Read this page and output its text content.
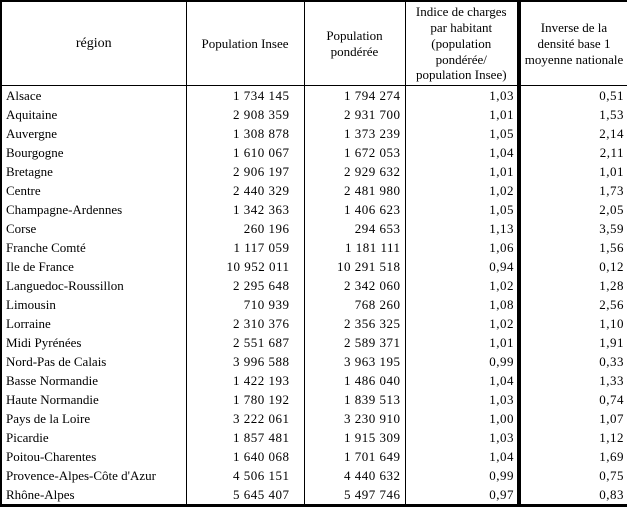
région	Population Insee	Population pondérée	Indice de charges par habitant (population pondérée/ population Insee)	Inverse de la densité base 1 moyenne nationale
Alsace	1 734 145	1 794 274	1,03	0,51
Aquitaine	2 908 359	2 931 700	1,01	1,53
Auvergne	1 308 878	1 373 239	1,05	2,14
Bourgogne	1 610 067	1 672 053	1,04	2,11
Bretagne	2 906 197	2 929 632	1,01	1,01
Centre	2 440 329	2 481 980	1,02	1,73
Champagne-Ardennes	1 342 363	1 406 623	1,05	2,05
Corse	260 196	294 653	1,13	3,59
Franche Comté	1 117 059	1 181 111	1,06	1,56
Ile de France	10 952 011	10 291 518	0,94	0,12
Languedoc-Roussillon	2 295 648	2 342 060	1,02	1,28
Limousin	710 939	768 260	1,08	2,56
Lorraine	2 310 376	2 356 325	1,02	1,10
Midi Pyrénées	2 551 687	2 589 371	1,01	1,91
Nord-Pas de Calais	3 996 588	3 963 195	0,99	0,33
Basse Normandie	1 422 193	1 486 040	1,04	1,33
Haute Normandie	1 780 192	1 839 513	1,03	0,74
Pays de la Loire	3 222 061	3 230 910	1,00	1,07
Picardie	1 857 481	1 915 309	1,03	1,12
Poitou-Charentes	1 640 068	1 701 649	1,04	1,69
Provence-Alpes-Côte d'Azur	4 506 151	4 440 632	0,99	0,75
Rhône-Alpes	5 645 407	5 497 746	0,97	0,83
